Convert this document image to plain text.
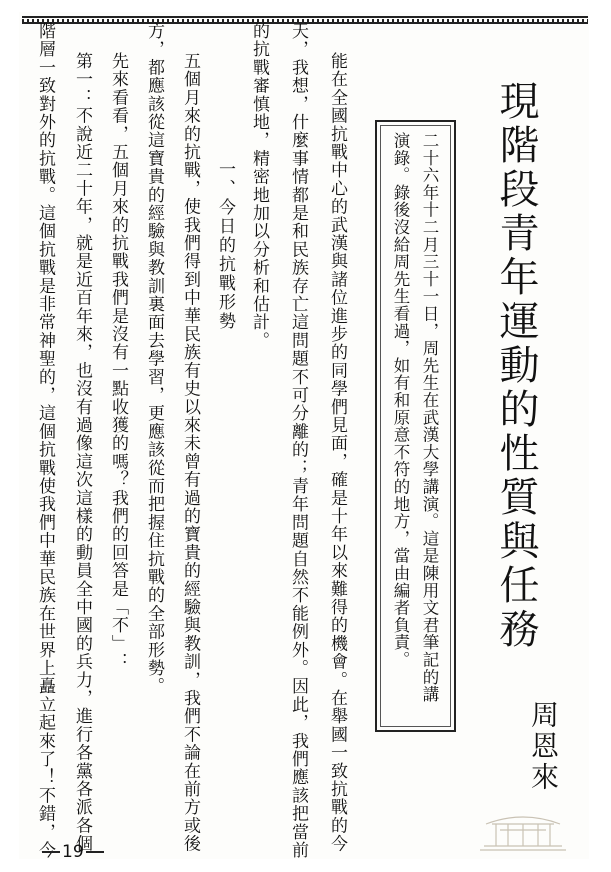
現階段青年運動的性質與任務
周恩來
二十六年十二月三十一日，周先生在武漢大學講演。這是陳用文君筆記的講
演錄。錄後沒給周先生看過，如有和原意不符的地方，當由編者負責。
能在全國抗戰中心的武漢與諸位進步的同學們見面，確是十年以來難得的機會。在舉國一致抗戰的今
天，我想，什麼事情都是和民族存亡這問題不可分離的；青年問題自然不能例外。因此，我們應該把當前
的抗戰審慎地，精密地加以分析和估計。
一、今日的抗戰形勢
五個月來的抗戰，使我們得到中華民族有史以來未曾有過的寶貴的經驗與教訓，我們不論在前方或後
方，都應該從這寶貴的經驗與教訓裏面去學習，更應該從而把握住抗戰的全部形勢。
先來看看，五個月來的抗戰我們是沒有一點收獲的嗎？我們的回答是「不」：
第一：不說近二十年，就是近百年來，也沒有過像這次這樣的動員全中國的兵力，進行各黨各派各個
階層一致對外的抗戰。這個抗戰是非常神聖的，這個抗戰使我們中華民族在世界上矗立起來了！不錯，今 19
